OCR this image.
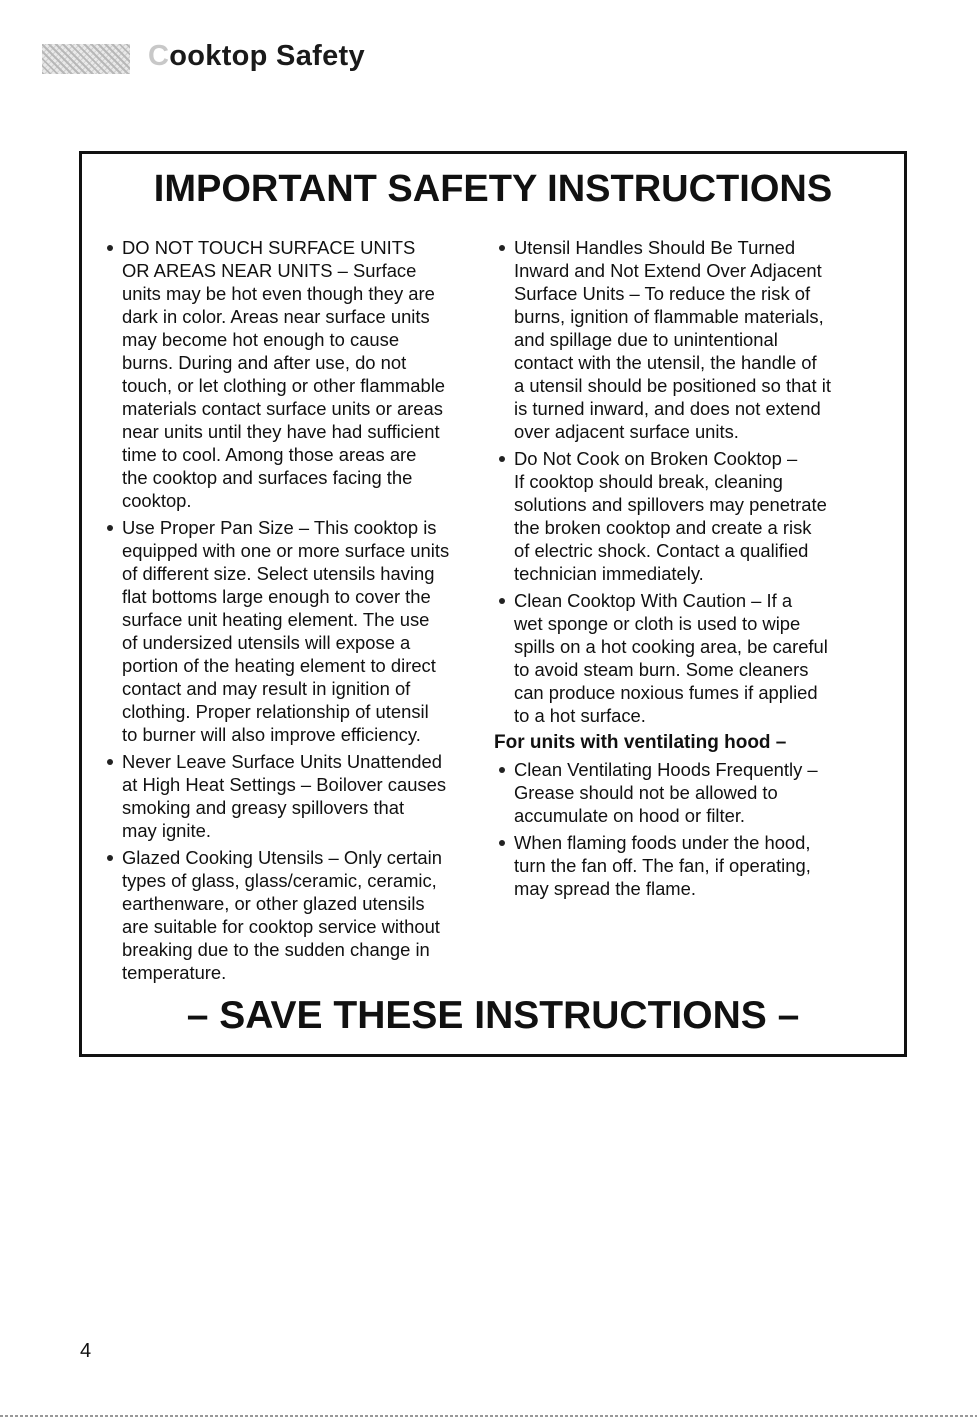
Cooktop Safety
IMPORTANT SAFETY INSTRUCTIONS
DO NOT TOUCH SURFACE UNITS
OR AREAS NEAR UNITS – Surface
units may be hot even though they are
dark in color. Areas near surface units
may become hot enough to cause
burns. During and after use, do not
touch, or let clothing or other flammable
materials contact surface units or areas
near units until they have had sufficient
time to cool. Among those areas are
the cooktop and surfaces facing the
cooktop.
Use Proper Pan Size – This cooktop is
equipped with one or more surface units
of different size. Select utensils having
flat bottoms large enough to cover the
surface unit heating element. The use
of undersized utensils will expose a
portion of the heating element to direct
contact and may result in ignition of
clothing. Proper relationship of utensil
to burner will also improve efficiency.
Never Leave Surface Units Unattended
at High Heat Settings – Boilover causes
smoking and greasy spillovers that
may ignite.
Glazed Cooking Utensils – Only certain
types of glass, glass/ceramic, ceramic,
earthenware, or other glazed utensils
are suitable for cooktop service without
breaking due to the sudden change in
temperature.
Utensil Handles Should Be Turned
Inward and Not Extend Over Adjacent
Surface Units – To reduce the risk of
burns, ignition of flammable materials,
and spillage due to unintentional
contact with the utensil, the handle of
a utensil should be positioned so that it
is turned inward, and does not extend
over adjacent surface units.
Do Not Cook on Broken Cooktop –
If cooktop should break, cleaning
solutions and spillovers may penetrate
the broken cooktop and create a risk
of electric shock. Contact a qualified
technician immediately.
Clean Cooktop With Caution – If a
wet sponge or cloth is used to wipe
spills on a hot cooking area, be careful
to avoid steam burn. Some cleaners
can produce noxious fumes if applied
to a hot surface.
For units with ventilating hood –
Clean Ventilating Hoods Frequently –
Grease should not be allowed to
accumulate on hood or filter.
When flaming foods under the hood,
turn the fan off. The fan, if operating,
may spread the flame.
– SAVE THESE INSTRUCTIONS –
4
